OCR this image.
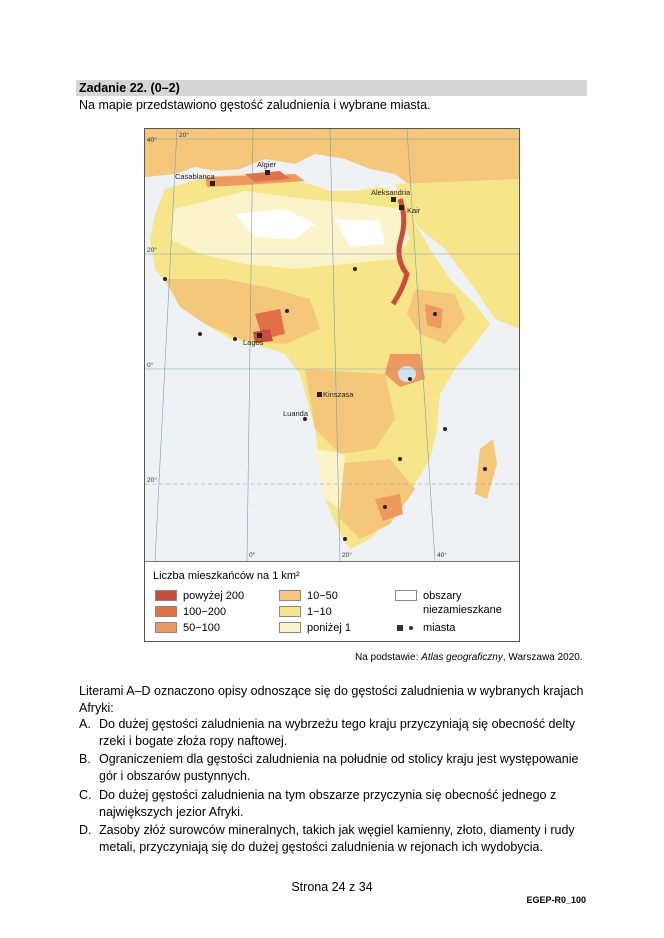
Zadanie 22. (0–2)
Na mapie przedstawiono gęstość zaludnienia i wybrane miasta.
40°
20°
0°
20°
20°
0°	20°	40°
Casablanca
Algier
Aleksandria
Kair
Lagos
Kinszasa
Luanda
Liczba mieszkańców na 1 km²
powyżej 200
100−200
50−100
10−50
1−10
poniżej 1
obszary
niezamieszkane
miasta
Na podstawie: Atlas geograficzny, Warszawa 2020.
Literami A–D oznaczono opisy odnoszące się do gęstości zaludnienia w wybranych krajach Afryki:
A. Do dużej gęstości zaludnienia na wybrzeżu tego kraju przyczyniają się obecność delty rzeki i bogate złoża ropy naftowej.
B. Ograniczeniem dla gęstości zaludnienia na południe od stolicy kraju jest występowanie gór i obszarów pustynnych.
C. Do dużej gęstości zaludnienia na tym obszarze przyczynia się obecność jednego z największych jezior Afryki.
D. Zasoby złóż surowców mineralnych, takich jak węgiel kamienny, złoto, diamenty i rudy metali, przyczyniają się do dużej gęstości zaludnienia w rejonach ich wydobycia.
Strona 24 z 34
EGEP-R0_100
